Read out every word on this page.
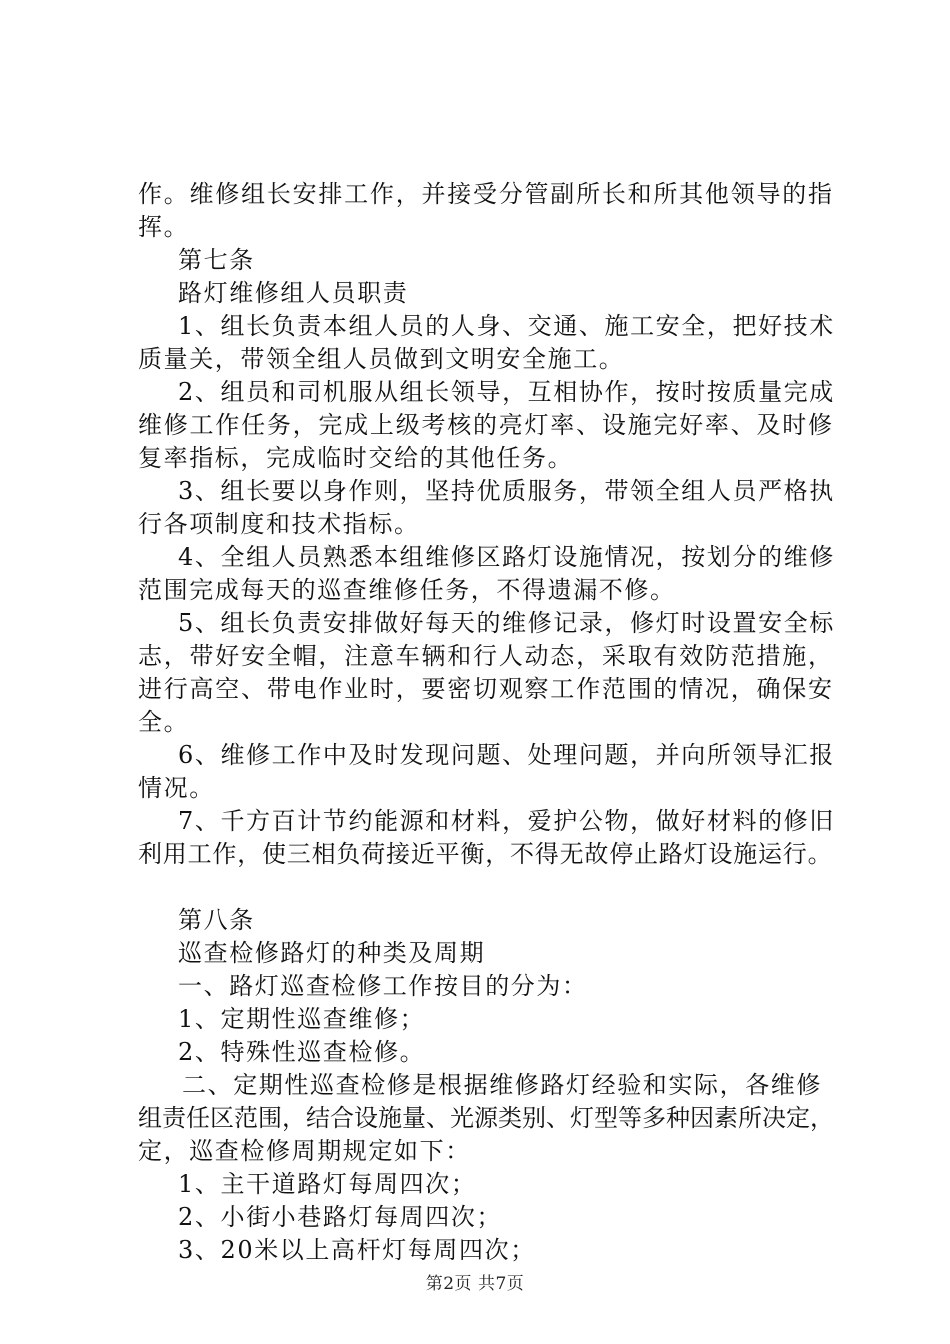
作。维修组长安排工作，并接受分管副所长和所其他领导的指
挥。
第七条
路灯维修组人员职责
1、组长负责本组人员的人身、交通、施工安全，把好技术
质量关，带领全组人员做到文明安全施工。
2、组员和司机服从组长领导，互相协作，按时按质量完成
维修工作任务，完成上级考核的亮灯率、设施完好率、及时修
复率指标，完成临时交给的其他任务。
3、组长要以身作则，坚持优质服务，带领全组人员严格执
行各项制度和技术指标。
4、全组人员熟悉本组维修区路灯设施情况，按划分的维修
范围完成每天的巡查维修任务，不得遗漏不修。
5、组长负责安排做好每天的维修记录，修灯时设置安全标
志，带好安全帽，注意车辆和行人动态，采取有效防范措施，
进行高空、带电作业时，要密切观察工作范围的情况，确保安
全。
6、维修工作中及时发现问题、处理问题，并向所领导汇报
情况。
7、千方百计节约能源和材料，爱护公物，做好材料的修旧
利用工作，使三相负荷接近平衡，不得无故停止路灯设施运行。
第八条
巡查检修路灯的种类及周期
一、路灯巡查检修工作按目的分为：
1、定期性巡查维修；
2、特殊性巡查检修。
二、定期性巡查检修是根据维修路灯经验和实际，各维修
组责任区范围，结合设施量、光源类别、灯型等多种因素所决定，
定，巡查检修周期规定如下：
1、主干道路灯每周四次；
2、小街小巷路灯每周四次；
3、20米以上高杆灯每周四次；
第2页 共7页
